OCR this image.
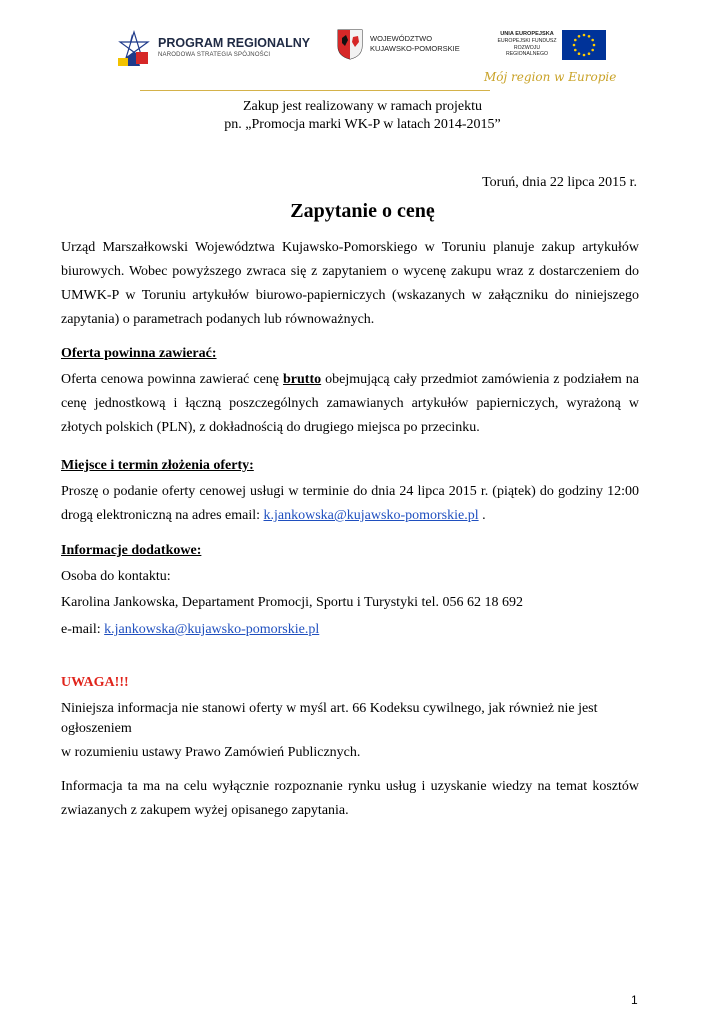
PROGRAM REGIONALNY
NARODOWA STRATEGIA SPÓJNOŚCI
WOJEWÓDZTWO
KUJAWSKO-POMORSKIE
UNIA EUROPEJSKA
EUROPEJSKI FUNDUSZ
ROZWOJU REGIONALNEGO
Mój region w Europie
Zakup jest realizowany w ramach projektu
pn. „Promocja marki WK-P w latach 2014-2015”
Toruń, dnia 22 lipca 2015 r.
Zapytanie o cenę
Urząd Marszałkowski Województwa Kujawsko-Pomorskiego w Toruniu planuje zakup artykułów biurowych. Wobec powyższego zwraca się z zapytaniem o wycenę zakupu wraz z dostarczeniem do UMWK-P w Toruniu artykułów biurowo-papierniczych (wskazanych w załączniku do niniejszego zapytania) o parametrach podanych lub równoważnych.
Oferta powinna zawierać:
Oferta cenowa powinna zawierać cenę brutto obejmującą cały przedmiot zamówienia z podziałem na cenę jednostkową i łączną poszczególnych zamawianych artykułów papierniczych, wyrażoną w złotych polskich (PLN), z dokładnością do drugiego miejsca po przecinku.
Miejsce i termin złożenia oferty:
Proszę o podanie oferty cenowej usługi w terminie do dnia 24 lipca 2015 r. (piątek) do godziny 12:00 drogą elektroniczną na adres email: k.jankowska@kujawsko-pomorskie.pl .
Informacje dodatkowe:
Osoba do kontaktu:
Karolina Jankowska, Departament Promocji, Sportu i Turystyki tel. 056 62 18 692
e-mail: k.jankowska@kujawsko-pomorskie.pl
UWAGA!!!
Niniejsza informacja nie stanowi oferty w myśl art. 66 Kodeksu cywilnego, jak również nie jest
ogłoszeniem
w rozumieniu ustawy Prawo Zamówień Publicznych.
Informacja ta ma na celu wyłącznie rozpoznanie rynku usług i uzyskanie wiedzy na temat kosztów zwiazanych z zakupem wyżej opisanego zapytania.
1
